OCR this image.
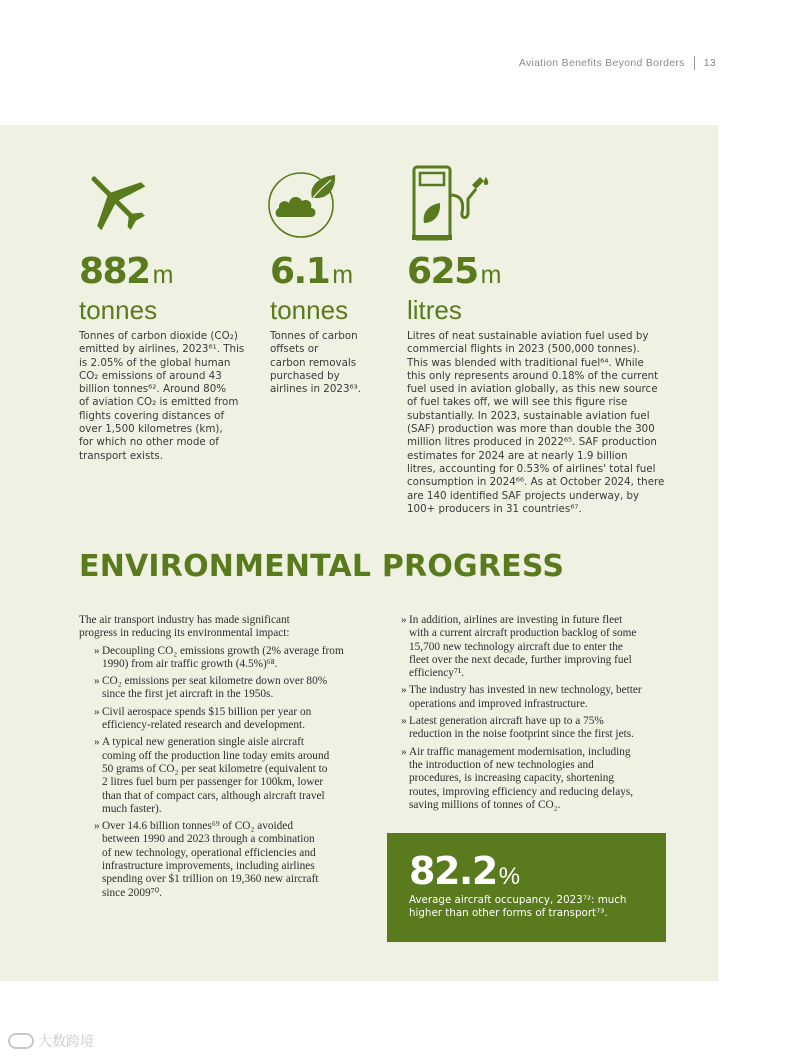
Aviation Benefits Beyond Borders 13
882 m
tonnes
Tonnes of carbon dioxide (CO₂)
emitted by airlines, 2023⁶¹. This
is 2.05% of the global human
CO₂ emissions of around 43
billion tonnes⁶². Around 80%
of aviation CO₂ is emitted from
flights covering distances of
over 1,500 kilometres (km),
for which no other mode of
transport exists.
6.1 m
tonnes
Tonnes of carbon
offsets or
carbon removals
purchased by
airlines in 2023⁶³.
625 m
litres
Litres of neat sustainable aviation fuel used by
commercial flights in 2023 (500,000 tonnes).
This was blended with traditional fuel⁶⁴. While
this only represents around 0.18% of the current
fuel used in aviation globally, as this new source
of fuel takes off, we will see this figure rise
substantially. In 2023, sustainable aviation fuel
(SAF) production was more than double the 300
million litres produced in 2022⁶⁵. SAF production
estimates for 2024 are at nearly 1.9 billion
litres, accounting for 0.53% of airlines' total fuel
consumption in 2024⁶⁶. As at October 2024, there
are 140 identified SAF projects underway, by
100+ producers in 31 countries⁶⁷.
ENVIRONMENTAL PROGRESS
The air transport industry has made significant
progress in reducing its environmental impact:
» Decoupling CO₂ emissions growth (2% average from
1990) from air traffic growth (4.5%)⁶⁸.
» CO₂ emissions per seat kilometre down over 80%
since the first jet aircraft in the 1950s.
» Civil aerospace spends $15 billion per year on
efficiency-related research and development.
» A typical new generation single aisle aircraft
coming off the production line today emits around
50 grams of CO₂ per seat kilometre (equivalent to
2 litres fuel burn per passenger for 100km, lower
than that of compact cars, although aircraft travel
much faster).
» Over 14.6 billion tonnes⁶⁹ of CO₂ avoided
between 1990 and 2023 through a combination
of new technology, operational efficiencies and
infrastructure improvements, including airlines
spending over $1 trillion on 19,360 new aircraft
since 2009⁷⁰.
» In addition, airlines are investing in future fleet
with a current aircraft production backlog of some
15,700 new technology aircraft due to enter the
fleet over the next decade, further improving fuel
efficiency⁷¹.
» The industry has invested in new technology, better
operations and improved infrastructure.
» Latest generation aircraft have up to a 75%
reduction in the noise footprint since the first jets.
» Air traffic management modernisation, including
the introduction of new technologies and
procedures, is increasing capacity, shortening
routes, improving efficiency and reducing delays,
saving millions of tonnes of CO₂.
82.2%
Average aircraft occupancy, 2023⁷²: much
higher than other forms of transport⁷³.
大数跨境
